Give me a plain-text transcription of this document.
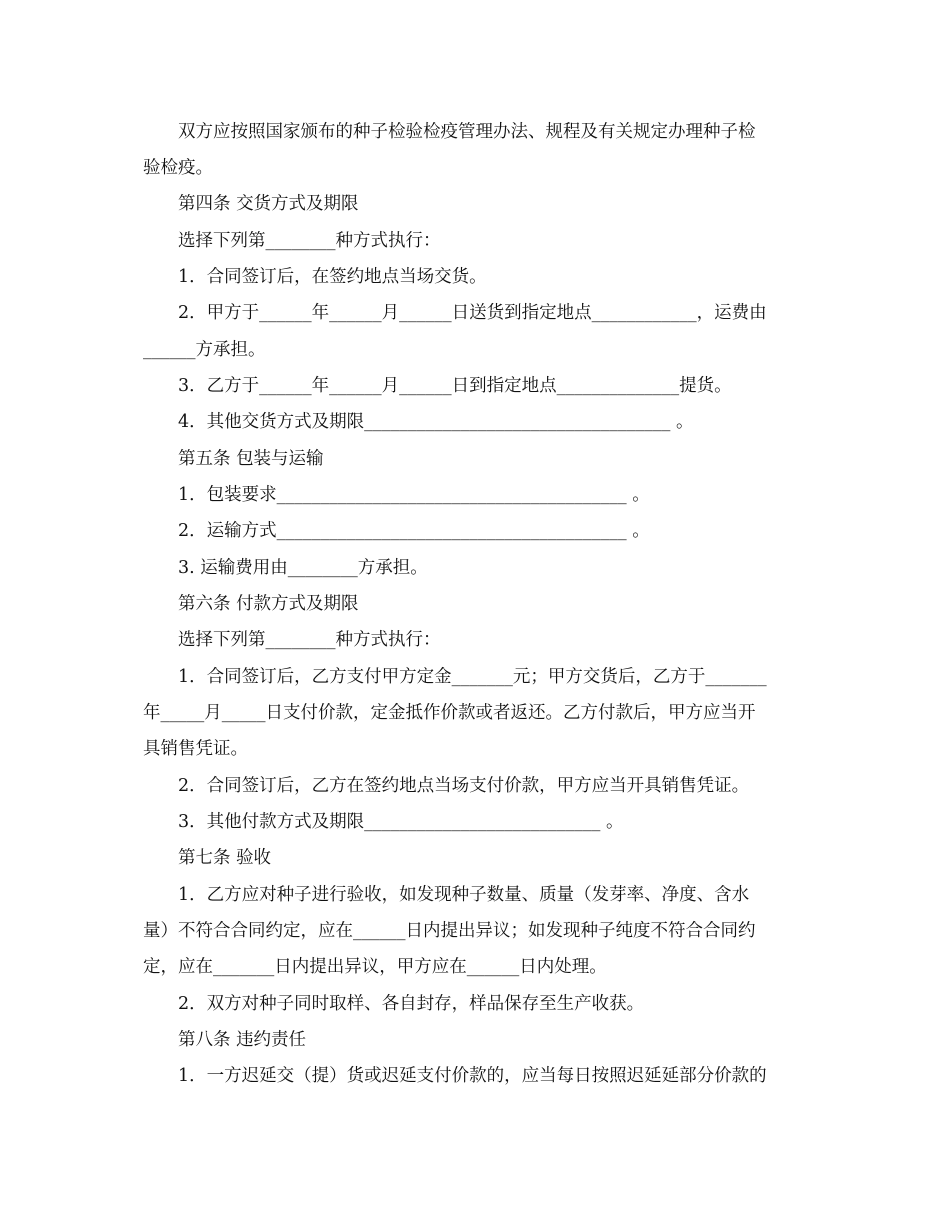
双方应按照国家颁布的种子检验检疫管理办法、规程及有关规定办理种子检
验检疫。
第四条 交货方式及期限
选择下列第________种方式执行：
1．合同签订后，在签约地点当场交货。
2．甲方于______年______月______日送货到指定地点____________，运费由
______方承担。
3．乙方于______年______月______日到指定地点______________提货。
4．其他交货方式及期限___________________________________ 。
第五条 包装与运输
1．包装要求________________________________________ 。
2．运输方式________________________________________ 。
3. 运输费用由________方承担。
第六条 付款方式及期限
选择下列第________种方式执行：
1．合同签订后，乙方支付甲方定金_______元；甲方交货后，乙方于_______
年_____月_____日支付价款，定金抵作价款或者返还。乙方付款后，甲方应当开
具销售凭证。
2．合同签订后，乙方在签约地点当场支付价款，甲方应当开具销售凭证。
3．其他付款方式及期限___________________________ 。
第七条 验收
1．乙方应对种子进行验收，如发现种子数量、质量（发芽率、净度、含水
量）不符合合同约定，应在______日内提出异议；如发现种子纯度不符合合同约
定，应在_______日内提出异议，甲方应在______日内处理。
2．双方对种子同时取样、各自封存，样品保存至生产收获。
第八条 违约责任
1．一方迟延交（提）货或迟延支付价款的，应当每日按照迟延延部分价款的
